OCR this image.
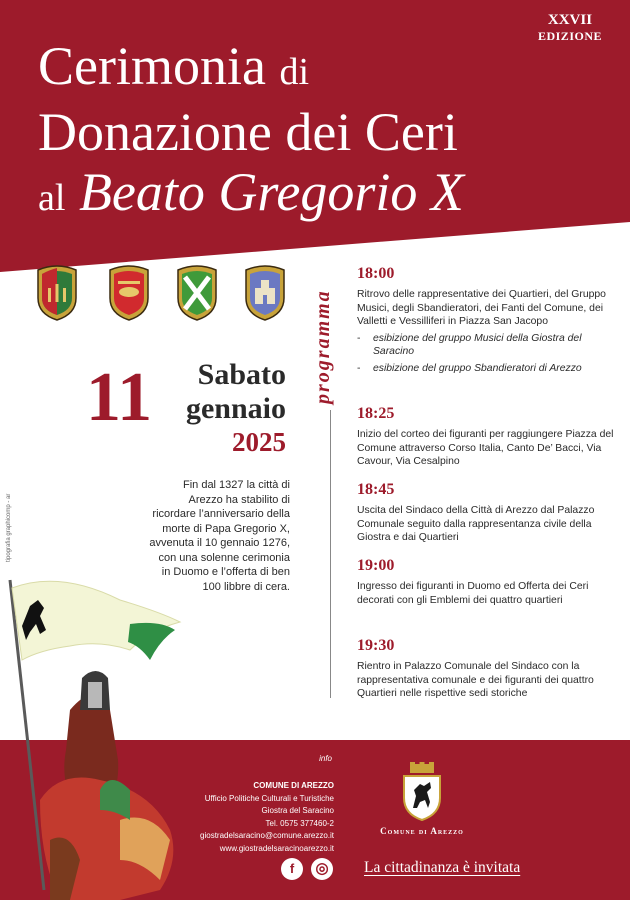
XXVII
EDIZIONE
Cerimonia di
Donazione dei Ceri
al Beato Gregorio X
11 Sabato
gennaio
2025
Fin dal 1327 la città di Arezzo ha stabilito di ricordare l’anniversario della morte di Papa Gregorio X, avvenuta il 10 gennaio 1276, con una solenne cerimonia in Duomo e l’offerta di ben 100 libbre di cera.
tipografia graphicomp - ar
programma
18:00
Ritrovo delle rappresentative dei Quartieri, del Gruppo Musici, degli Sbandieratori, dei Fanti del Comune, dei Valletti e Vessilliferi in Piazza San Jacopo
- esibizione del gruppo Musici della Giostra del Saracino
- esibizione del gruppo Sbandieratori di Arezzo
18:25
Inizio del corteo dei figuranti per raggiungere Piazza del Comune attraverso Corso Italia, Canto De’ Bacci, Via Cavour, Via Cesalpino
18:45
Uscita del Sindaco della Città di Arezzo dal Palazzo Comunale seguito dalla rappresentanza civile della Giostra e dai Quartieri
19:00
Ingresso dei figuranti in Duomo ed Offerta dei Ceri decorati con gli Emblemi dei quattro quartieri
19:30
Rientro in Palazzo Comunale del Sindaco con la rappresentativa comunale e dei figuranti dei quattro Quartieri nelle rispettive sedi storiche
info
COMUNE DI AREZZO
Ufficio Politiche Culturali e Turistiche
Giostra del Saracino
Tel. 0575 377460-2
giostradelsaracino@comune.arezzo.it
www.giostradelsaracinoarezzo.it
f	◎
Comune di Arezzo
La cittadinanza è invitata
